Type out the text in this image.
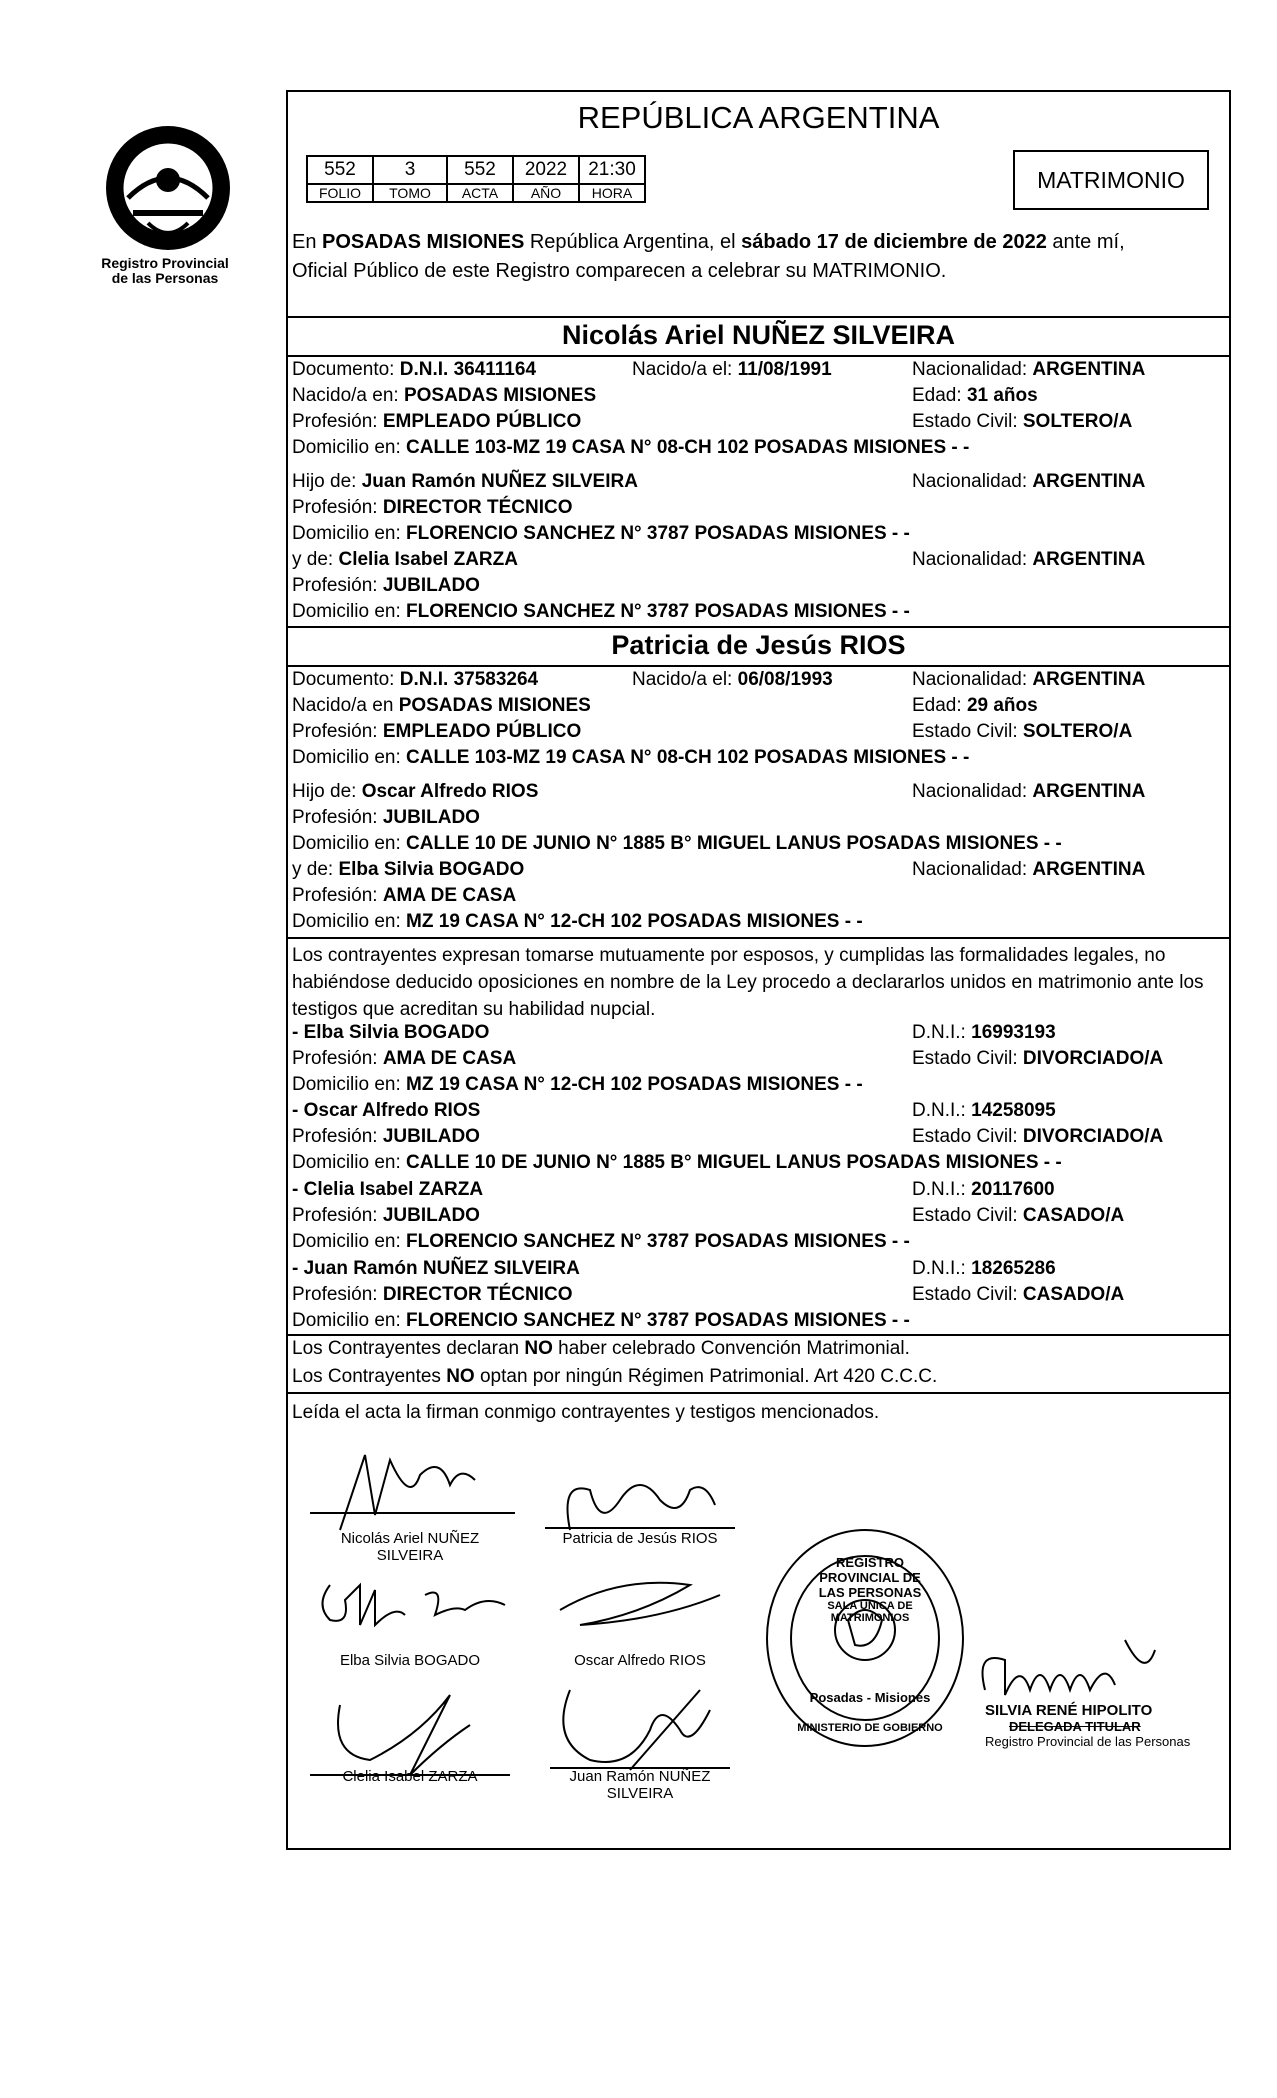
Registro Provincial
de las Personas
REPÚBLICA ARGENTINA
552	3	552	2022	21:30
FOLIO	TOMO	ACTA	AÑO	HORA
MATRIMONIO
En POSADAS MISIONES República Argentina, el sábado 17 de diciembre de 2022 ante mí,
Oficial Público de este Registro comparecen a celebrar su MATRIMONIO.
Nicolás Ariel NUÑEZ SILVEIRA
Documento: D.N.I. 36411164	Nacido/a el: 11/08/1991	Nacionalidad: ARGENTINA
Nacido/a en: POSADAS MISIONES	Edad: 31 años
Profesión: EMPLEADO PÚBLICO	Estado Civil: SOLTERO/A
Domicilio en: CALLE 103-MZ 19 CASA N° 08-CH 102 POSADAS MISIONES - -
Hijo de: Juan Ramón NUÑEZ SILVEIRA	Nacionalidad: ARGENTINA
Profesión: DIRECTOR TÉCNICO
Domicilio en: FLORENCIO SANCHEZ N° 3787 POSADAS MISIONES - -
y de: Clelia Isabel ZARZA	Nacionalidad: ARGENTINA
Profesión: JUBILADO
Domicilio en: FLORENCIO SANCHEZ N° 3787 POSADAS MISIONES - -
Patricia de Jesús RIOS
Documento: D.N.I. 37583264	Nacido/a el: 06/08/1993	Nacionalidad: ARGENTINA
Nacido/a en POSADAS MISIONES	Edad: 29 años
Profesión: EMPLEADO PÚBLICO	Estado Civil: SOLTERO/A
Domicilio en: CALLE 103-MZ 19 CASA N° 08-CH 102 POSADAS MISIONES - -
Hijo de: Oscar Alfredo RIOS	Nacionalidad: ARGENTINA
Profesión: JUBILADO
Domicilio en: CALLE 10 DE JUNIO N° 1885 B° MIGUEL LANUS POSADAS MISIONES - -
y de: Elba Silvia BOGADO	Nacionalidad: ARGENTINA
Profesión: AMA DE CASA
Domicilio en: MZ 19 CASA N° 12-CH 102 POSADAS MISIONES - -
Los contrayentes expresan tomarse mutuamente por esposos, y cumplidas las formalidades legales, no habiéndose deducido oposiciones en nombre de la Ley procedo a declararlos unidos en matrimonio ante los testigos que acreditan su habilidad nupcial.
- Elba Silvia BOGADO	D.N.I.: 16993193
Profesión: AMA DE CASA	Estado Civil: DIVORCIADO/A
Domicilio en: MZ 19 CASA N° 12-CH 102 POSADAS MISIONES - -
- Oscar Alfredo RIOS	D.N.I.: 14258095
Profesión: JUBILADO	Estado Civil: DIVORCIADO/A
Domicilio en: CALLE 10 DE JUNIO N° 1885 B° MIGUEL LANUS POSADAS MISIONES - -
- Clelia Isabel ZARZA	D.N.I.: 20117600
Profesión: JUBILADO	Estado Civil: CASADO/A
Domicilio en: FLORENCIO SANCHEZ N° 3787 POSADAS MISIONES - -
- Juan Ramón NUÑEZ SILVEIRA	D.N.I.: 18265286
Profesión: DIRECTOR TÉCNICO	Estado Civil: CASADO/A
Domicilio en: FLORENCIO SANCHEZ N° 3787 POSADAS MISIONES - -
Los Contrayentes declaran NO haber celebrado Convención Matrimonial.
Los Contrayentes NO optan por ningún Régimen Patrimonial. Art 420 C.C.C.
Leída el acta la firman conmigo contrayentes y testigos mencionados.
Nicolás Ariel NUÑEZ
SILVEIRA
Patricia de Jesús RIOS
Elba Silvia BOGADO	Oscar Alfredo RIOS
Clelia Isabel ZARZA	Juan Ramón NUÑEZ
SILVEIRA
REGISTRO PROVINCIAL DE LAS PERSONAS
SALA UNICA DE MATRIMONIOS
Posadas - Misiones
MINISTERIO DE GOBIERNO
SILVIA RENÉ HIPOLITO
DELEGADA TITULAR
Registro Provincial de las Personas
